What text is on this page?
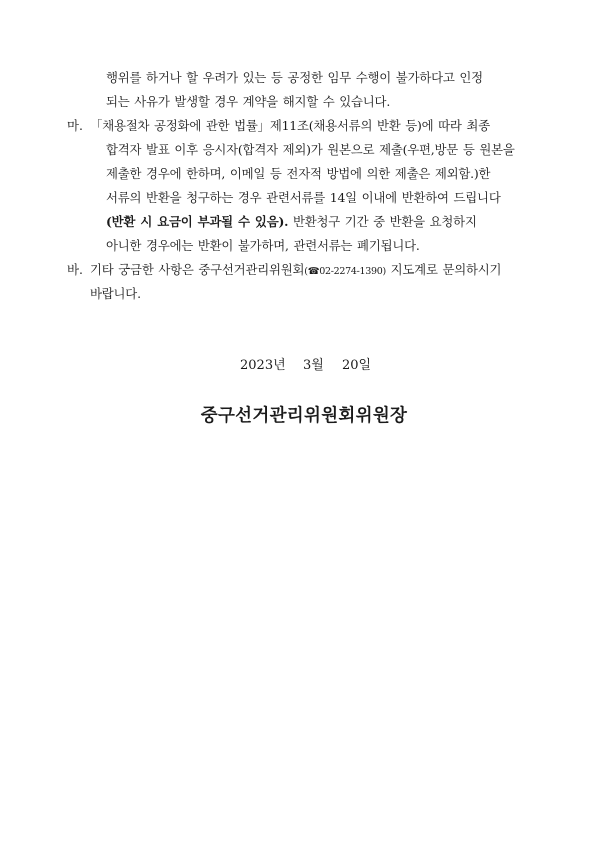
행위를 하거나 할 우려가 있는 등 공정한 임무 수행이 불가하다고 인정
되는 사유가 발생할 경우 계약을 해지할 수 있습니다.
마. 「채용절차 공정화에 관한 법률」제11조(채용서류의 반환 등)에 따라 최종
합격자 발표 이후 응시자(합격자 제외)가 원본으로 제출(우편,방문 등 원본을
제출한 경우에 한하며, 이메일 등 전자적 방법에 의한 제출은 제외함.)한
서류의 반환을 청구하는 경우 관련서류를 14일 이내에 반환하여 드립니다
(반환 시 요금이 부과될 수 있음). 반환청구 기간 중 반환을 요청하지
아니한 경우에는 반환이 불가하며, 관련서류는 폐기됩니다.
바. 기타 궁금한 사항은 중구선거관리위원회(☎02-2274-1390) 지도계로 문의하시기
바랍니다.
2023년 3월 20일
중구선거관리위원회위원장
